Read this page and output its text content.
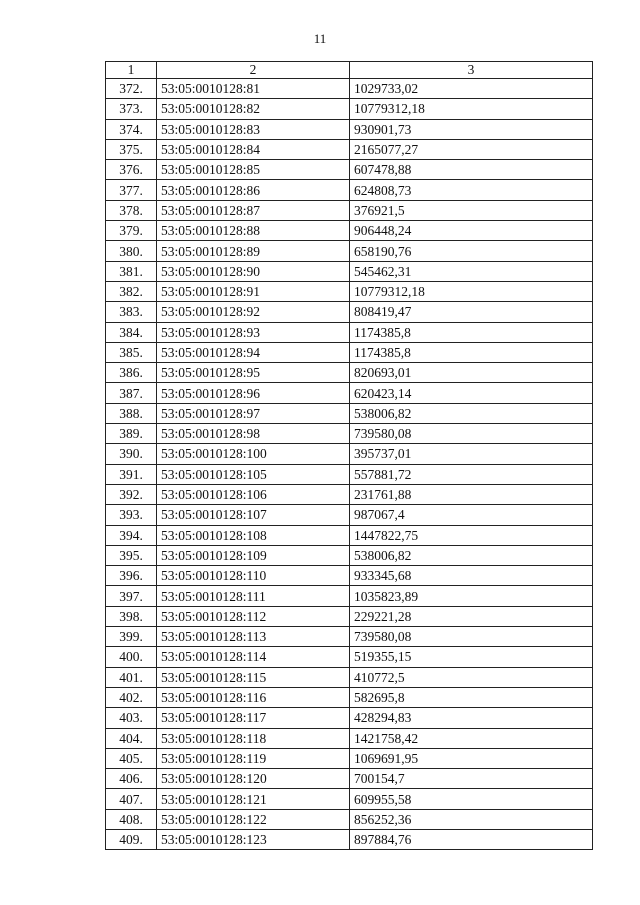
11
1	2	3
372.	53:05:0010128:81	1029733,02
373.	53:05:0010128:82	10779312,18
374.	53:05:0010128:83	930901,73
375.	53:05:0010128:84	2165077,27
376.	53:05:0010128:85	607478,88
377.	53:05:0010128:86	624808,73
378.	53:05:0010128:87	376921,5
379.	53:05:0010128:88	906448,24
380.	53:05:0010128:89	658190,76
381.	53:05:0010128:90	545462,31
382.	53:05:0010128:91	10779312,18
383.	53:05:0010128:92	808419,47
384.	53:05:0010128:93	1174385,8
385.	53:05:0010128:94	1174385,8
386.	53:05:0010128:95	820693,01
387.	53:05:0010128:96	620423,14
388.	53:05:0010128:97	538006,82
389.	53:05:0010128:98	739580,08
390.	53:05:0010128:100	395737,01
391.	53:05:0010128:105	557881,72
392.	53:05:0010128:106	231761,88
393.	53:05:0010128:107	987067,4
394.	53:05:0010128:108	1447822,75
395.	53:05:0010128:109	538006,82
396.	53:05:0010128:110	933345,68
397.	53:05:0010128:111	1035823,89
398.	53:05:0010128:112	229221,28
399.	53:05:0010128:113	739580,08
400.	53:05:0010128:114	519355,15
401.	53:05:0010128:115	410772,5
402.	53:05:0010128:116	582695,8
403.	53:05:0010128:117	428294,83
404.	53:05:0010128:118	1421758,42
405.	53:05:0010128:119	1069691,95
406.	53:05:0010128:120	700154,7
407.	53:05:0010128:121	609955,58
408.	53:05:0010128:122	856252,36
409.	53:05:0010128:123	897884,76
